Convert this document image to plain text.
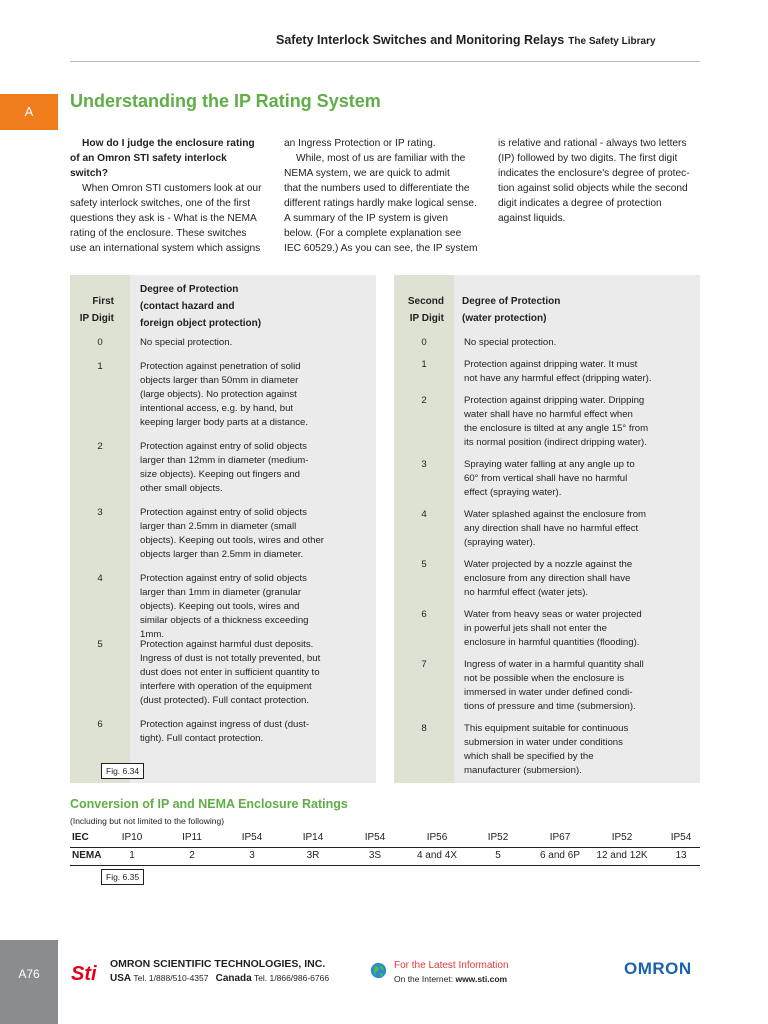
Safety Interlock Switches and Monitoring Relays The Safety Library
A
Understanding the IP Rating System

How do I judge the enclosure rating

of an Omron STI safety interlock

switch?

When Omron STI customers look at our

safety interlock switches, one of the first

questions they ask is - What is the NEMA

rating of the enclosure. These switches

use an international system which assigns

an Ingress Protection or IP rating.

While, most of us are familiar with the

NEMA system, we are quick to admit

that the numbers used to differentiate the

different ratings hardly make logical sense.

A summary of the IP system is given

below. (For a complete explanation see

IEC 60529.) As you can see, the IP system

is relative and rational - always two letters

(IP) followed by two digits. The first digit

indicates the enclosure's degree of protec-

tion against solid objects while the second

digit indicates a degree of protection

against liquids.

First
IP Digit
Degree of Protection
(contact hazard and
foreign object protection)
0	No special protection.
1	Protection against penetration of solid
objects larger than 50mm in diameter
(large objects). No protection against
intentional access, e.g. by hand, but
keeping larger body parts at a distance.
2	Protection against entry of solid objects
larger than 12mm in diameter (medium-
size objects). Keeping out fingers and
other small objects.
3	Protection against entry of solid objects
larger than 2.5mm in diameter (small
objects). Keeping out tools, wires and other
objects larger than 2.5mm in diameter.
4	Protection against entry of solid objects
larger than 1mm in diameter (granular
objects). Keeping out tools, wires and
similar objects of a thickness exceeding 1mm.
5	Protection against harmful dust deposits.
Ingress of dust is not totally prevented, but
dust does not enter in sufficient quantity to
interfere with operation of the equipment
(dust protected). Full contact protection.
6	Protection against ingress of dust (dust-
tight). Full contact protection.
Second
IP Digit
Degree of Protection
(water protection)
0	No special protection.
1	Protection against dripping water. It must
not have any harmful effect (dripping water).
2	Protection against dripping water. Dripping
water shall have no harmful effect when
the enclosure is tilted at any angle 15° from
its normal position (indirect dripping water).
3	Spraying water falling at any angle up to
60° from vertical shall have no harmful
effect (spraying water).
4	Water splashed against the enclosure from
any direction shall have no harmful effect
(spraying water).
5	Water projected by a nozzle against the
enclosure from any direction shall have
no harmful effect (water jets).
6	Water from heavy seas or water projected
in powerful jets shall not enter the
enclosure in harmful quantities (flooding).
7	Ingress of water in a harmful quantity shall
not be possible when the enclosure is
immersed in water under defined condi-
tions of pressure and time (submersion).
8	This equipment suitable for continuous
submersion in water under conditions
which shall be specified by the
manufacturer (submersion).
Fig. 6.34
Conversion of IP and NEMA Enclosure Ratings
(Including but not limited to the following)
IEC	IP10	IP11	IP54	IP14	IP54	IP56	IP52	IP67	IP52	IP54
NEMA	1	2	3	3R	3S	4 and 4X	5	6 and 6P	12 and 12K	13
Fig. 6.35
A76	Sti OMRON SCIENTIFIC TECHNOLOGIES, INC.
USA Tel. 1/888/510-4357 Canada Tel. 1/866/986-6766
For the Latest Information
On the Internet: www.sti.com
OMRON
